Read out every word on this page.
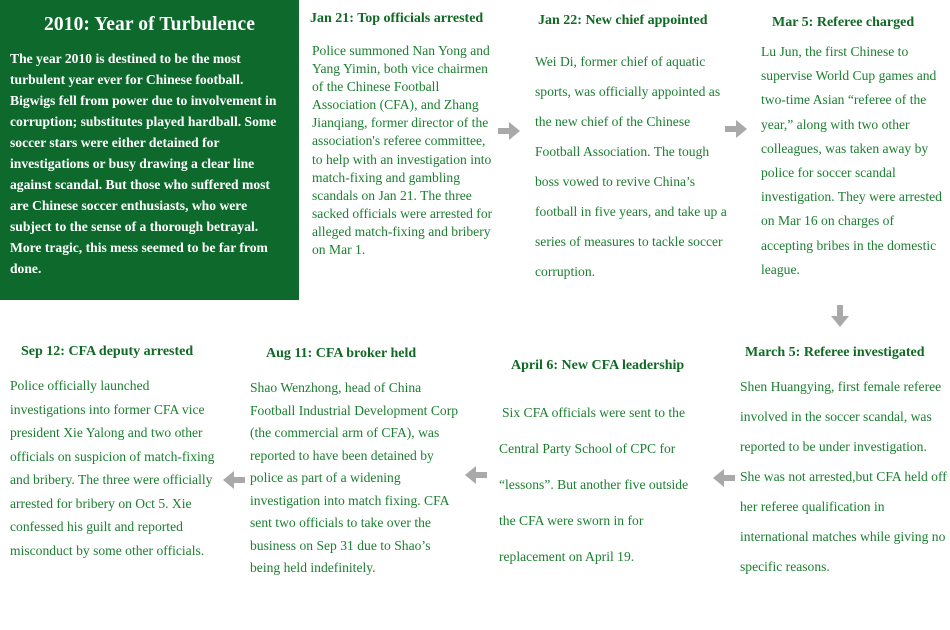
2010: Year of Turbulence

The year 2010 is destined to be the most turbulent year ever for Chinese football. Bigwigs fell from power due to involvement in corruption; substitutes played hardball. Some soccer stars were either detained for investigations or busy drawing a clear line against scandal. But those who suffered most are Chinese soccer enthusiasts, who were subject to the sense of a thorough betrayal. More tragic, this mess seemed to be far from done.

Jan 21: Top officials arrested
Police summoned Nan Yong and Yang Yimin, both vice chairmen of the Chinese Football Association (CFA), and Zhang Jianqiang, former director of the association's referee committee, to help with an investigation into match-fixing and gambling scandals on Jan 21. The three sacked officials were arrested for alleged match-fixing and bribery on Mar 1.
Jan 22: New chief appointed
Wei Di, former chief of aquatic sports, was officially appointed as the new chief of the Chinese Football Association. The tough boss vowed to revive China’s football in five years, and take up a series of measures to tackle soccer corruption.
Mar 5: Referee charged
Lu Jun, the first Chinese to supervise World Cup games and two-time Asian “referee of the year,” along with two other colleagues, was taken away by police for soccer scandal investigation. They were arrested on Mar 16 on charges of accepting bribes in the domestic league.
March 5: Referee investigated
Shen Huangying, first female referee involved in the soccer scandal, was reported to be under investigation. She was not arrested,but CFA held off her referee qualification in international matches while giving no specific reasons.
April 6: New CFA leadership
Six CFA officials were sent to the Central Party School of CPC for “lessons”. But another five outside the CFA were sworn in for replacement on April 19.
Aug 11: CFA broker held
Shao Wenzhong, head of China Football Industrial Development Corp (the commercial arm of CFA), was reported to have been detained by police as part of a widening investigation into match fixing. CFA sent two officials to take over the business on Sep 31 due to Shao’s being held indefinitely.
Sep 12: CFA deputy arrested
Police officially launched investigations into former CFA vice president Xie Yalong and two other officials on suspicion of match-fixing and bribery. The three were officially arrested for bribery on Oct 5. Xie confessed his guilt and reported misconduct by some other officials.
